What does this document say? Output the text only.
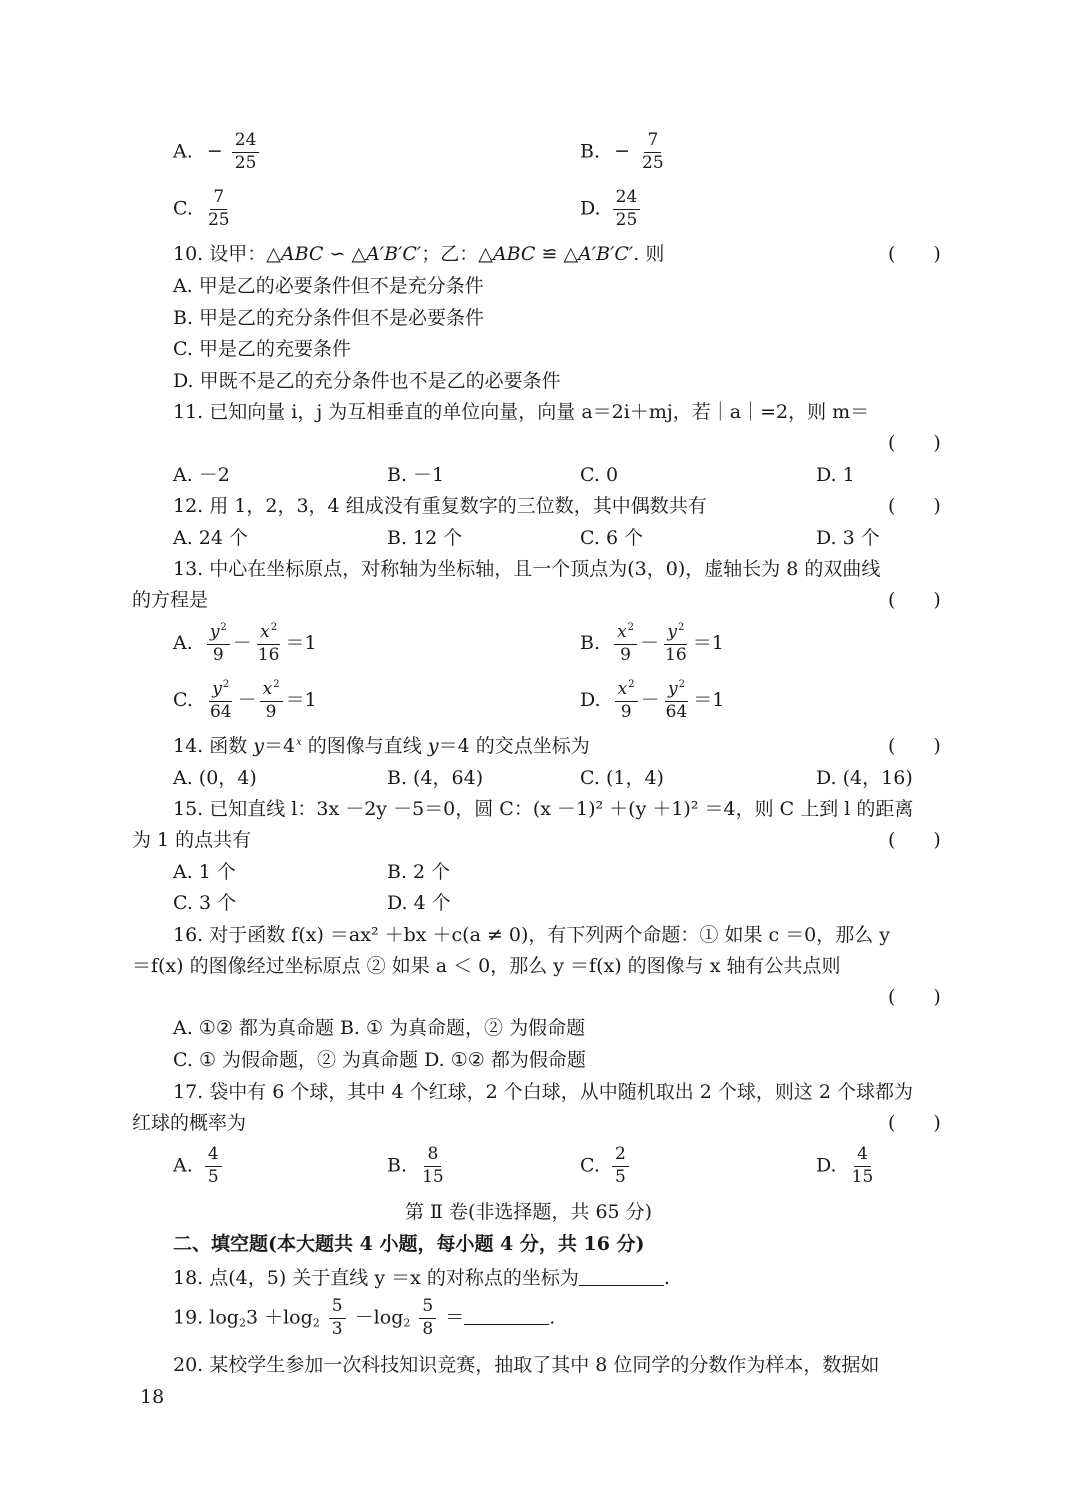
A. − $\frac{24}{25}$	B. − $\frac{7}{25}$
C. $\frac{7}{25}$	D. $\frac{24}{25}$
10. 设甲：△ABC ∽ △A′B′C′；乙：△ABC ≌ △A′B′C′. 则	(　　)
A. 甲是乙的必要条件但不是充分条件
B. 甲是乙的充分条件但不是必要条件
C. 甲是乙的充要条件
D. 甲既不是乙的充分条件也不是乙的必要条件
11. 已知向量 i，j 为互相垂直的单位向量，向量 a＝2i＋mj，若｜a｜=2，则 m＝
(　　)
A. －2	B. －1	C. 0	D. 1
12. 用 1，2，3，4 组成没有重复数字的三位数，其中偶数共有	(　　)
A. 24 个	B. 12 个	C. 6 个	D. 3 个
13. 中心在坐标原点，对称轴为坐标轴，且一个顶点为(3，0)，虚轴长为 8 的双曲线
的方程是	(　　)
A. $\frac{y^2}{9} - \frac{x^2}{16} =1$	B. $\frac{x^2}{9} - \frac{y^2}{16} =1$
C. $\frac{y^2}{64} - \frac{x^2}{9} =1$	D. $\frac{x^2}{9} - \frac{y^2}{64} =1$
14. 函数 $y=4^x$ 的图像与直线 y＝4 的交点坐标为	(　　)
A. (0，4)	B. (4，64)	C. (1，4)	D. (4，16)
15. 已知直线 l：3x －2y －5＝0，圆 C：(x －1)² ＋(y ＋1)² ＝4，则 C 上到 l 的距离
为 1 的点共有	(　　)
A. 1 个	B. 2 个
C. 3 个	D. 4 个
16. 对于函数 f(x) ＝ax² ＋bx ＋c(a ≠ 0)，有下列两个命题：① 如果 c ＝0，那么 y
＝f(x) 的图像经过坐标原点 ② 如果 a ＜ 0，那么 y ＝f(x) 的图像与 x 轴有公共点则
(　　)
A. ①② 都为真命题 B. ① 为真命题，② 为假命题
C. ① 为假命题，② 为真命题 D. ①② 都为假命题
17. 袋中有 6 个球，其中 4 个红球，2 个白球，从中随机取出 2 个球，则这 2 个球都为
红球的概率为	(　　)
A. $\frac{4}{5}$	B. $\frac{8}{15}$	C. $\frac{2}{5}$	D. $\frac{4}{15}$
第 Ⅱ 卷(非选择题，共 65 分)
二、填空题(本大题共 4 小题，每小题 4 分，共 16 分)
18. 点(4，5) 关于直线 y ＝x 的对称点的坐标为	.
19. $\log_23 +\log_2 \frac{5}{3} -\log_2 \frac{5}{8}$ ＝	.
20. 某校学生参加一次科技知识竞赛，抽取了其中 8 位同学的分数作为样本，数据如
18
